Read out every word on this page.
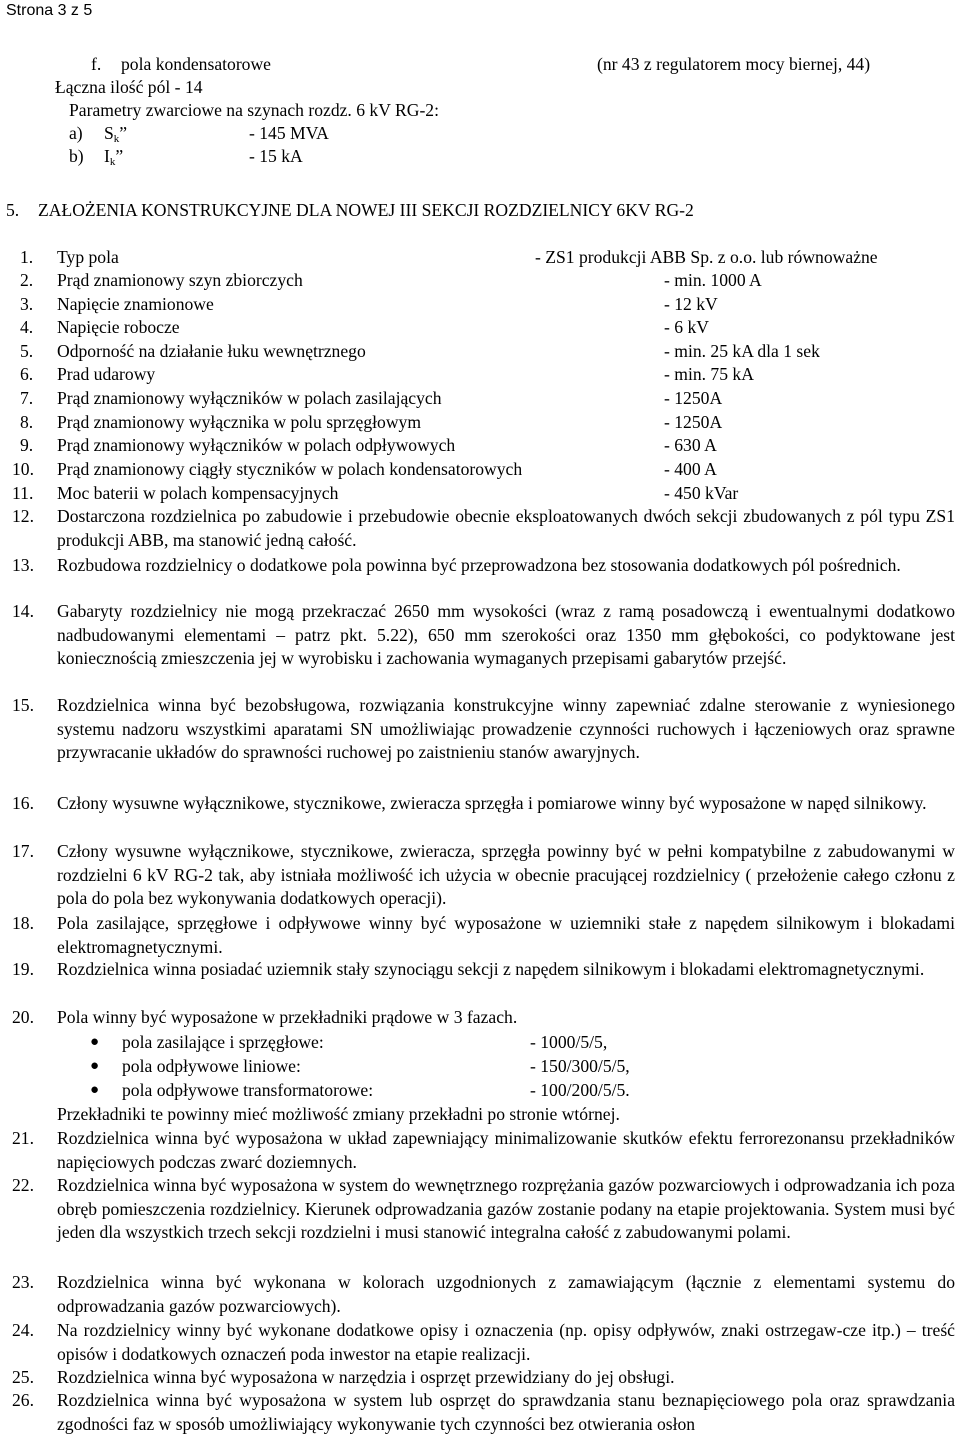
Strona 3 z 5
f. pola kondensatorowe	(nr 43 z regulatorem mocy biernej, 44)
Łączna ilość pól - 14
Parametry zwarciowe na szynach rozdz. 6 kV RG-2:
a) $S_k$”	- 145 MVA
b) $I_k$”	- 15 kA
5. ZAŁOŻENIA KONSTRUKCYJNE DLA NOWEJ III SEKCJI ROZDZIELNICY 6KV RG-2
1. Typ pola	- ZS1 produkcji ABB Sp. z o.o. lub równoważne
2. Prąd znamionowy szyn zbiorczych	- min. 1000 A
3. Napięcie znamionowe	- 12 kV
4. Napięcie robocze	- 6 kV
5. Odporność na działanie łuku wewnętrznego	- min. 25 kA dla 1 sek
6. Prad udarowy	- min. 75 kA
7. Prąd znamionowy wyłączników w polach zasilających	- 1250A
8. Prąd znamionowy wyłącznika w polu sprzęgłowym	- 1250A
9. Prąd znamionowy wyłączników w polach odpływowych	- 630 A
10. Prąd znamionowy ciągły styczników w polach kondensatorowych	- 400 A
11. Moc baterii w polach kompensacyjnych	- 450 kVar
12. Dostarczona rozdzielnica po zabudowie i przebudowie obecnie eksploatowanych dwóch sekcji zbudowanych z pól typu ZS1 produkcji ABB, ma stanowić jedną całość.
13. Rozbudowa rozdzielnicy o dodatkowe pola powinna być przeprowadzona bez stosowania dodatkowych pól pośrednich.
14. Gabaryty rozdzielnicy nie mogą przekraczać 2650 mm wysokości (wraz z ramą posadowczą i ewentualnymi dodatkowo nadbudowanymi elementami – patrz pkt. 5.22), 650 mm szerokości oraz 1350 mm głębokości, co podyktowane jest koniecznością zmieszczenia jej w wyrobisku i zachowania wymaganych przepisami gabarytów przejść.
15. Rozdzielnica winna być bezobsługowa, rozwiązania konstrukcyjne winny zapewniać zdalne sterowanie z wyniesionego systemu nadzoru wszystkimi aparatami SN umożliwiając prowadzenie czynności ruchowych i łączeniowych oraz sprawne przywracanie układów do sprawności ruchowej po zaistnieniu stanów awaryjnych.
16. Człony wysuwne wyłącznikowe, stycznikowe, zwieracza sprzęgła i pomiarowe winny być wyposażone w napęd silnikowy.
17. Człony wysuwne wyłącznikowe, stycznikowe, zwieracza, sprzęgła powinny być w pełni kompatybilne z zabudowanymi w rozdzielni 6 kV RG-2 tak, aby istniała możliwość ich użycia w obecnie pracującej rozdzielnicy ( przełożenie całego członu z pola do pola bez wykonywania dodatkowych operacji).
18. Pola zasilające, sprzęgłowe i odpływowe winny być wyposażone w uziemniki stałe z napędem silnikowym i blokadami elektromagnetycznymi.
19. Rozdzielnica winna posiadać uziemnik stały szynociągu sekcji z napędem silnikowym i blokadami elektromagnetycznymi.
20. Pola winny być wyposażone w przekładniki prądowe w 3 fazach.
● pola zasilające i sprzęgłowe:	- 1000/5/5,
● pola odpływowe liniowe:	- 150/300/5/5,
● pola odpływowe transformatorowe:	- 100/200/5/5.
Przekładniki te powinny mieć możliwość zmiany przekładni po stronie wtórnej.
21. Rozdzielnica winna być wyposażona w układ zapewniający minimalizowanie skutków efektu ferrorezonansu przekładników napięciowych podczas zwarć doziemnych.
22. Rozdzielnica winna być wyposażona w system do wewnętrznego rozprężania gazów pozwarciowych i odprowadzania ich poza obręb pomieszczenia rozdzielnicy. Kierunek odprowadzania gazów zostanie podany na etapie projektowania. System musi być jeden dla wszystkich trzech sekcji rozdzielni i musi stanowić integralna całość z zabudowanymi polami.
23. Rozdzielnica winna być wykonana w kolorach uzgodnionych z zamawiającym (łącznie z elementami systemu do odprowadzania gazów pozwarciowych).
24. Na rozdzielnicy winny być wykonane dodatkowe opisy i oznaczenia (np. opisy odpływów, znaki ostrzegaw-cze itp.) – treść opisów i dodatkowych oznaczeń poda inwestor na etapie realizacji.
25. Rozdzielnica winna być wyposażona w narzędzia i osprzęt przewidziany do jej obsługi.
26. Rozdzielnica winna być wyposażona w system lub osprzęt do sprawdzania stanu beznapięciowego pola oraz sprawdzania zgodności faz w sposób umożliwiający wykonywanie tych czynności bez otwierania osłon
